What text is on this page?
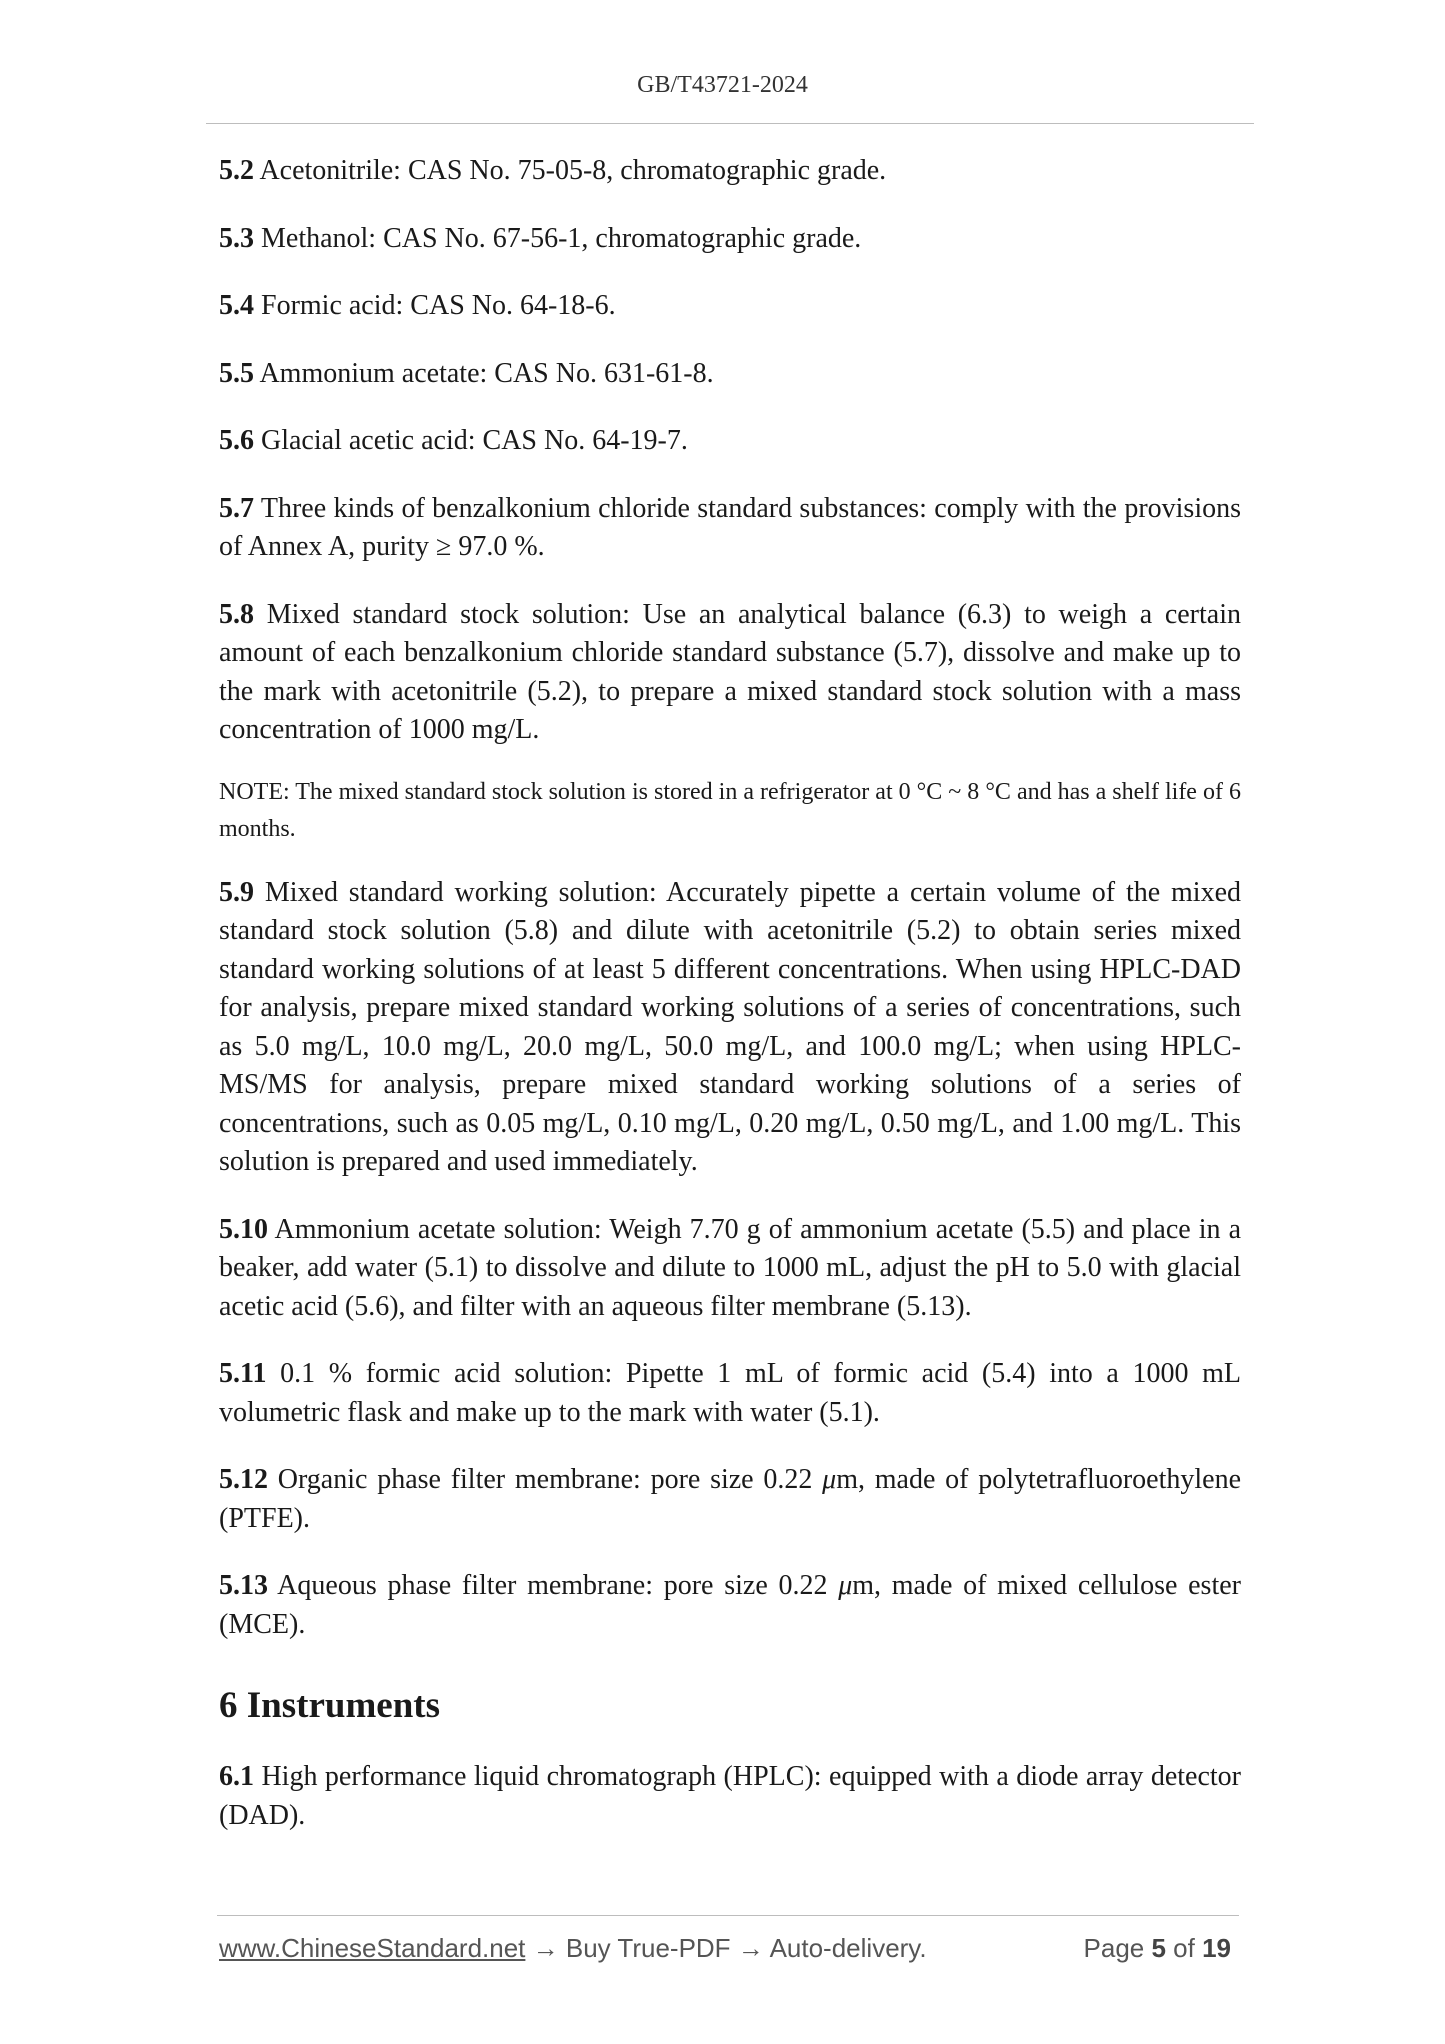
GB/T43721-2024

5.2 Acetonitrile: CAS No. 75-05-8, chromatographic grade.

5.3 Methanol: CAS No. 67-56-1, chromatographic grade.

5.4 Formic acid: CAS No. 64-18-6.

5.5 Ammonium acetate: CAS No. 631-61-8.

5.6 Glacial acetic acid: CAS No. 64-19-7.

5.7 Three kinds of benzalkonium chloride standard substances: comply with the provisions of Annex A, purity ≥ 97.0 %.

5.8 Mixed standard stock solution: Use an analytical balance (6.3) to weigh a certain amount of each benzalkonium chloride standard substance (5.7), dissolve and make up to the mark with acetonitrile (5.2), to prepare a mixed standard stock solution with a mass concentration of 1000 mg/L.

NOTE: The mixed standard stock solution is stored in a refrigerator at 0 °C ~ 8 °C and has a shelf life of 6 months.

5.9 Mixed standard working solution: Accurately pipette a certain volume of the mixed standard stock solution (5.8) and dilute with acetonitrile (5.2) to obtain series mixed standard working solutions of at least 5 different concentrations. When using HPLC-DAD for analysis, prepare mixed standard working solutions of a series of concentrations, such as 5.0 mg/L, 10.0 mg/L, 20.0 mg/L, 50.0 mg/L, and 100.0 mg/L; when using HPLC-MS/MS for analysis, prepare mixed standard working solutions of a series of concentrations, such as 0.05 mg/L, 0.10 mg/L, 0.20 mg/L, 0.50 mg/L, and 1.00 mg/L. This solution is prepared and used immediately.

5.10 Ammonium acetate solution: Weigh 7.70 g of ammonium acetate (5.5) and place in a beaker, add water (5.1) to dissolve and dilute to 1000 mL, adjust the pH to 5.0 with glacial acetic acid (5.6), and filter with an aqueous filter membrane (5.13).

5.11 0.1 % formic acid solution: Pipette 1 mL of formic acid (5.4) into a 1000 mL volumetric flask and make up to the mark with water (5.1).

5.12 Organic phase filter membrane: pore size 0.22 μm, made of polytetrafluoroethylene (PTFE).

5.13 Aqueous phase filter membrane: pore size 0.22 μm, made of mixed cellulose ester (MCE).

6 Instruments

6.1 High performance liquid chromatograph (HPLC): equipped with a diode array detector (DAD).

www.ChineseStandard.net → Buy True-PDF → Auto-delivery.	Page 5 of 19
